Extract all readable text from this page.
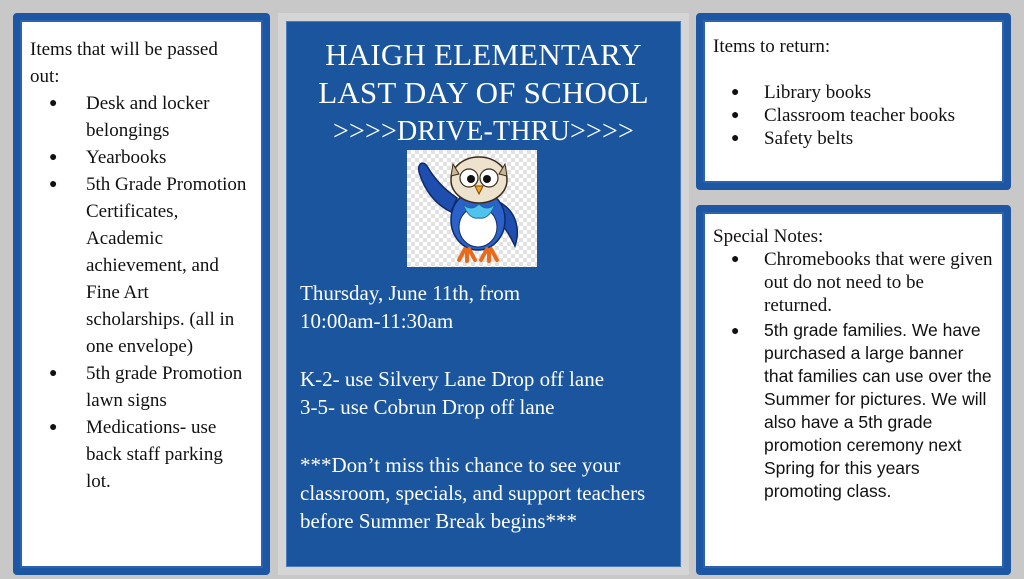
Items that will be passed out:

● Desk and locker belongings
● Yearbooks
● 5th Grade Promotion Certificates, Academic achievement, and Fine Art scholarships. (all in one envelope)
● 5th grade Promotion lawn signs
● Medications- use back staff parking lot.
HAIGH ELEMENTARY
LAST DAY OF SCHOOL
>>>>DRIVE-THRU>>>>
Thursday, June 11th, from
10:00am-11:30am
K-2- use Silvery Lane Drop off lane
3-5- use Cobrun Drop off lane
***Don’t miss this chance to see your classroom, specials, and support teachers before Summer Break begins***

Items to return:

● Library books
● Classroom teacher books
● Safety belts

Special Notes:

● Chromebooks that were given out do not need to be returned.
● 5th grade families. We have purchased a large banner that families can use over the Summer for pictures. We will also have a 5th grade promotion ceremony next Spring for this years promoting class.
